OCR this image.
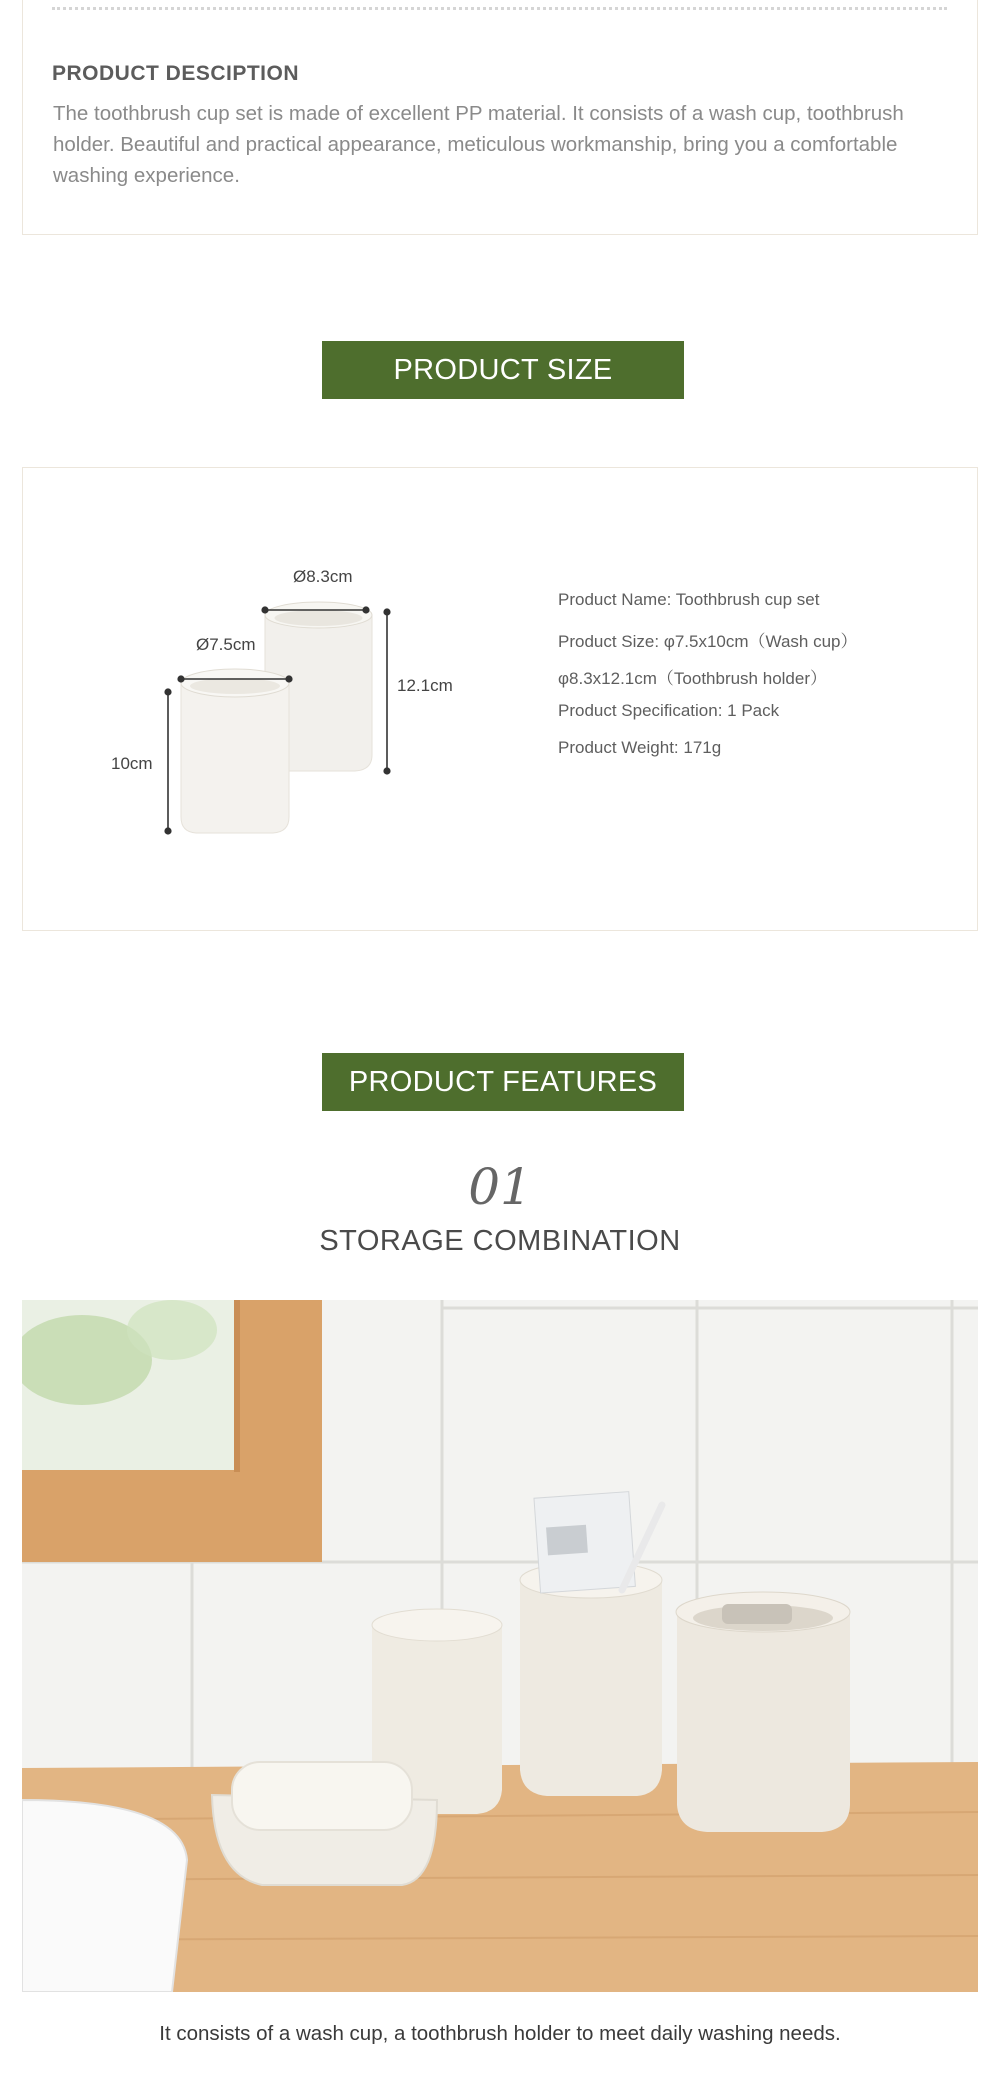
PRODUCT DESCIPTION
The toothbrush cup set is made of excellent PP material. It consists of a wash cup, toothbrush holder. Beautiful and practical appearance, meticulous workmanship, bring you a comfortable washing experience.
PRODUCT SIZE
Ø8.3cm
Ø7.5cm
12.1cm
10cm
Product Name: Toothbrush cup set
Product Size: φ7.5x10cm（Wash cup）
φ8.3x12.1cm（Toothbrush holder）
Product Specification: 1 Pack
Product Weight: 171g
PRODUCT FEATURES
01
STORAGE COMBINATION
It consists of a wash cup, a toothbrush holder to meet daily washing needs.
